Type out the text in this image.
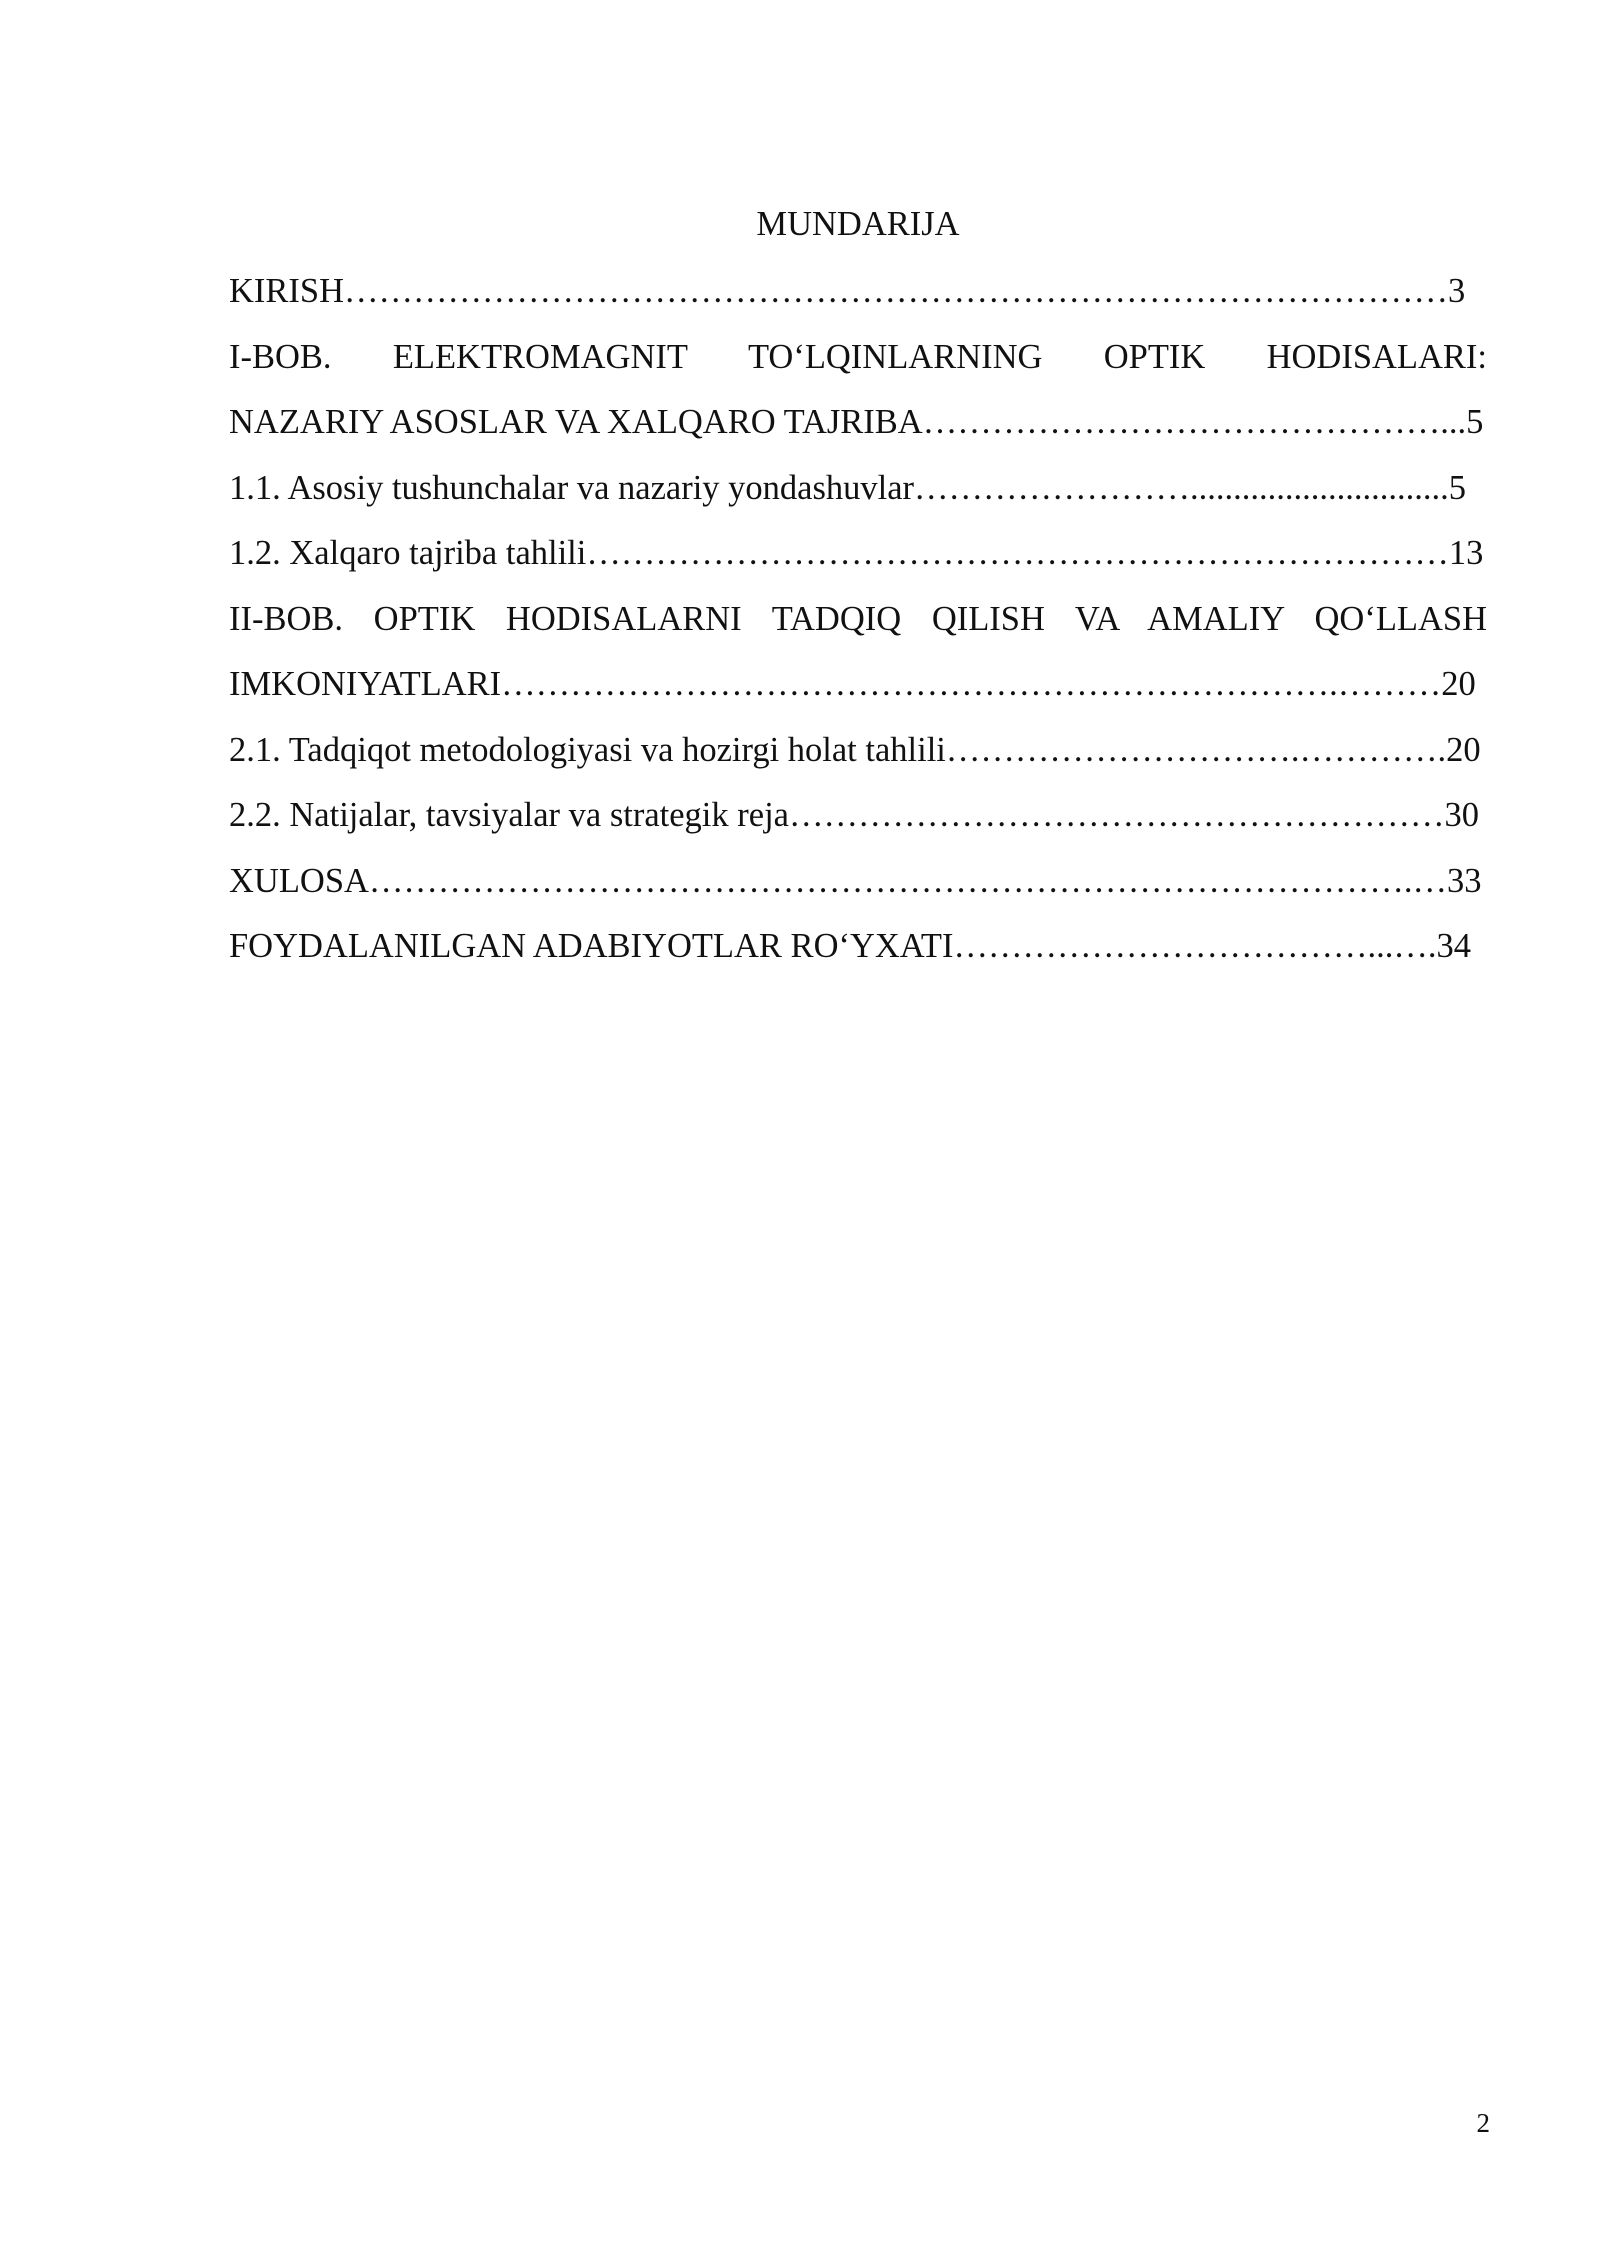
MUNDARIJA
KIRISH……………………………………………………………………………………3
I-BOB. ELEKTROMAGNIT TO‘LQINLARNING OPTIK HODISALARI:
NAZARIY ASOSLAR VA XALQARO TAJRIBA………………………………………...5
1.1. Asosiy tushunchalar va nazariy yondashuvlar……………………..............................5
1.2. Xalqaro tajriba tahlili…………………………………………………………………13
II-BOB. OPTIK HODISALARNI TADQIQ QILISH VA AMALIY QO‘LLASH
IMKONIYATLARI……………………………………………………………….………20
2.1. Tadqiqot metodologiyasi va hozirgi holat tahlili………………………….………….20
2.2. Natijalar, tavsiyalar va strategik reja…………………………………………………30
XULOSA……………………………………………………………………………….…33
FOYDALANILGAN ADABIYOTLAR RO‘YXATI………………………………...….34
2
